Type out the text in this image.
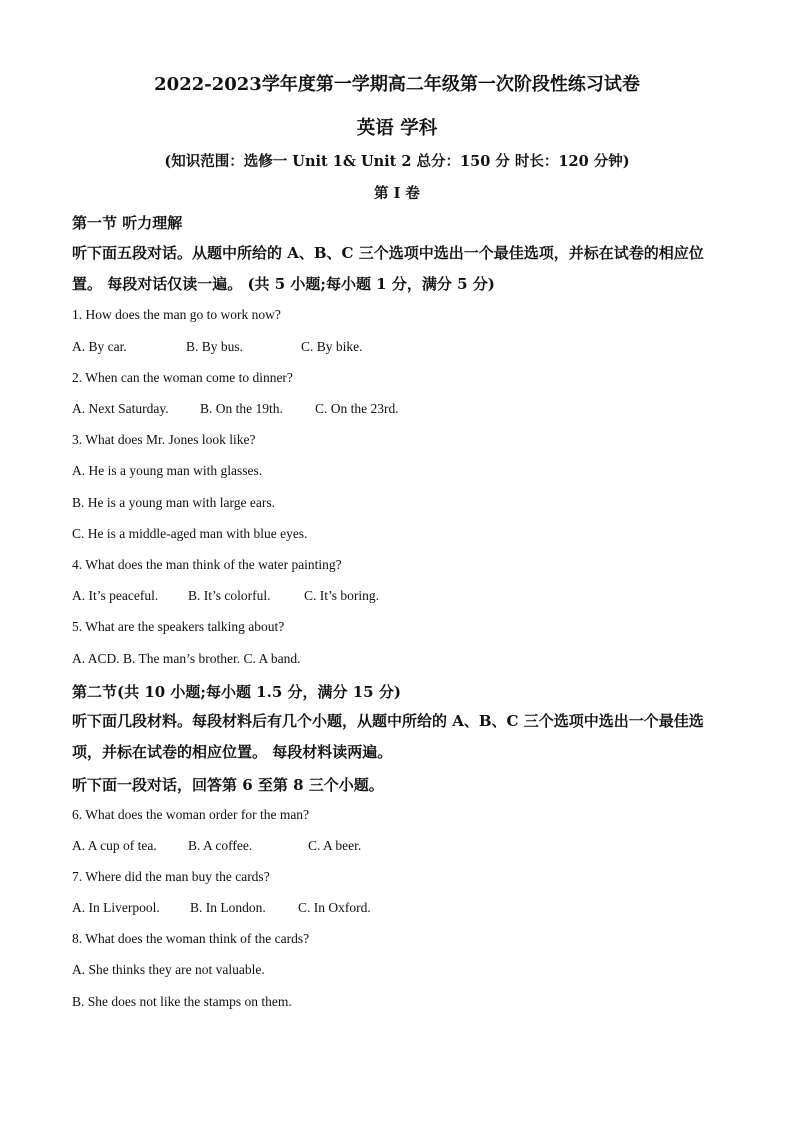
2022-2023学年度第一学期高二年级第一次阶段性练习试卷
英语 学科
(知识范围：选修一 Unit 1& Unit 2 总分：150 分 时长：120 分钟)
第 I 卷
第一节 听力理解
听下面五段对话。从题中所给的 A、B、C 三个选项中选出一个最佳选项，并标在试卷的相应位置。 每段对话仅读一遍。 (共 5 小题;每小题 1 分，满分 5 分)
1. How does the man go to work now?
A. By car.	B. By bus.	C. By bike.
2. When can the woman come to dinner?
A. Next Saturday.	B. On the 19th.	C. On the 23rd.
3. What does Mr. Jones look like?
A. He is a young man with glasses.
B. He is a young man with large ears.
C. He is a middle-aged man with blue eyes.
4. What does the man think of the water painting?
A. It’s peaceful.	B. It’s colorful.	C. It’s boring.
5. What are the speakers talking about?
A. ACD. B. The man’s brother. C. A band.
第二节(共 10 小题;每小题 1.5 分，满分 15 分)
听下面几段材料。每段材料后有几个小题，从题中所给的 A、B、C 三个选项中选出一个最佳选项，并标在试卷的相应位置。 每段材料读两遍。
听下面一段对话，回答第 6 至第 8 三个小题。
6. What does the woman order for the man?
A. A cup of tea.	B. A coffee.	C. A beer.
7. Where did the man buy the cards?
A. In Liverpool.	B. In London.	C. In Oxford.
8. What does the woman think of the cards?
A. She thinks they are not valuable.
B. She does not like the stamps on them.
